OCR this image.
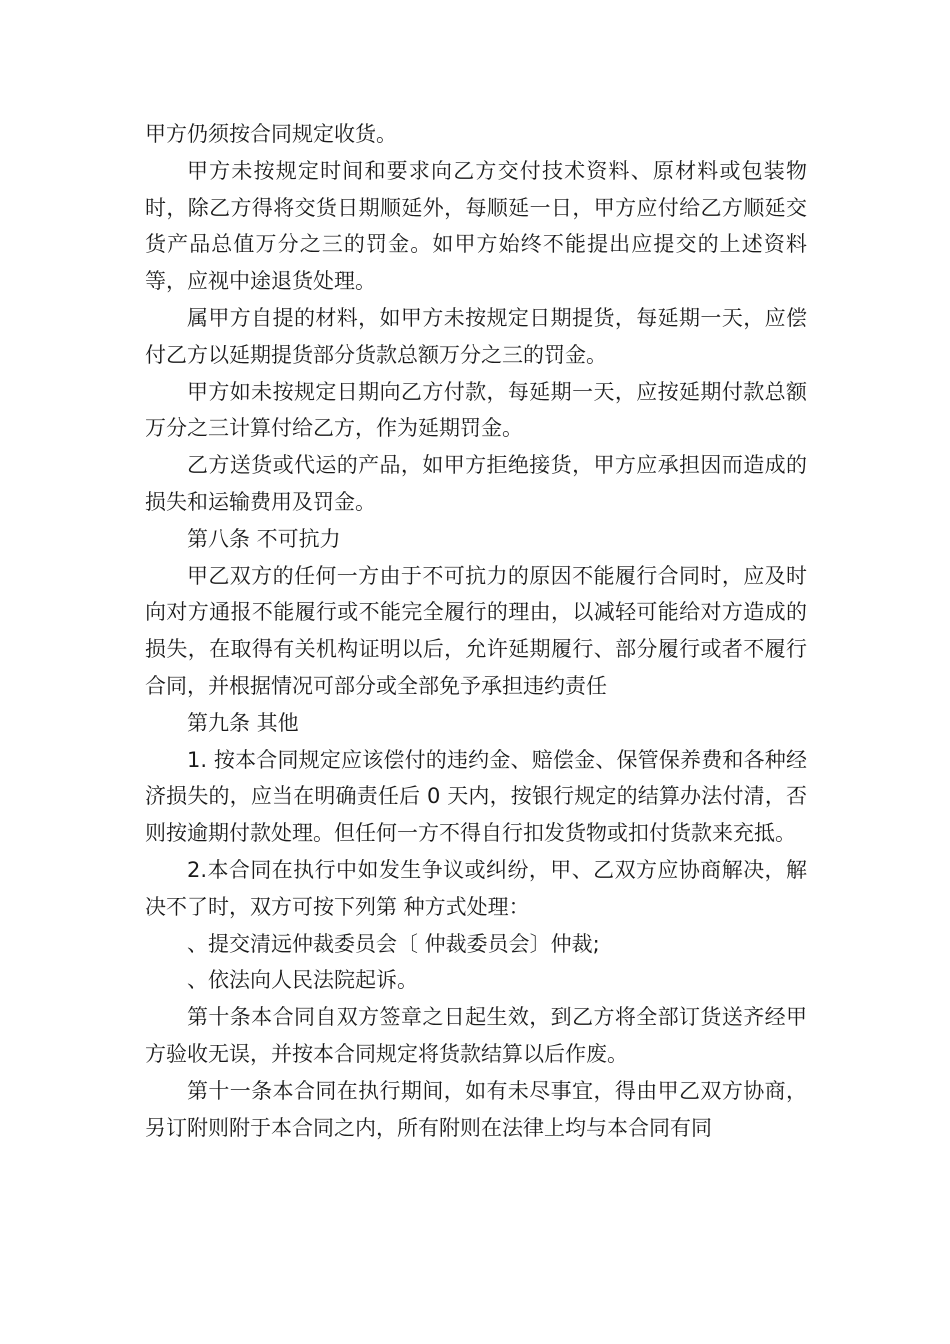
甲方仍须按合同规定收货。

甲方未按规定时间和要求向乙方交付技术资料、原材料或包装物时，除乙方得将交货日期顺延外，每顺延一日，甲方应付给乙方顺延交货产品总值万分之三的罚金。如甲方始终不能提出应提交的上述资料等，应视中途退货处理。

属甲方自提的材料，如甲方未按规定日期提货，每延期一天，应偿付乙方以延期提货部分货款总额万分之三的罚金。

甲方如未按规定日期向乙方付款，每延期一天，应按延期付款总额万分之三计算付给乙方，作为延期罚金。

乙方送货或代运的产品，如甲方拒绝接货，甲方应承担因而造成的损失和运输费用及罚金。

第八条 不可抗力

甲乙双方的任何一方由于不可抗力的原因不能履行合同时，应及时向对方通报不能履行或不能完全履行的理由，以减轻可能给对方造成的损失，在取得有关机构证明以后，允许延期履行、部分履行或者不履行合同，并根据情况可部分或全部免予承担违约责任

第九条 其他

1. 按本合同规定应该偿付的违约金、赔偿金、保管保养费和各种经济损失的，应当在明确责任后 0 天内，按银行规定的结算办法付清，否则按逾期付款处理。但任何一方不得自行扣发货物或扣付货款来充抵。

2.本合同在执行中如发生争议或纠纷，甲、乙双方应协商解决，解决不了时，双方可按下列第 种方式处理：

、提交清远仲裁委员会〔 仲裁委员会〕仲裁;

、依法向人民法院起诉。

第十条本合同自双方签章之日起生效，到乙方将全部订货送齐经甲方验收无误，并按本合同规定将货款结算以后作废。

第十一条本合同在执行期间，如有未尽事宜，得由甲乙双方协商，另订附则附于本合同之内，所有附则在法律上均与本合同有同
